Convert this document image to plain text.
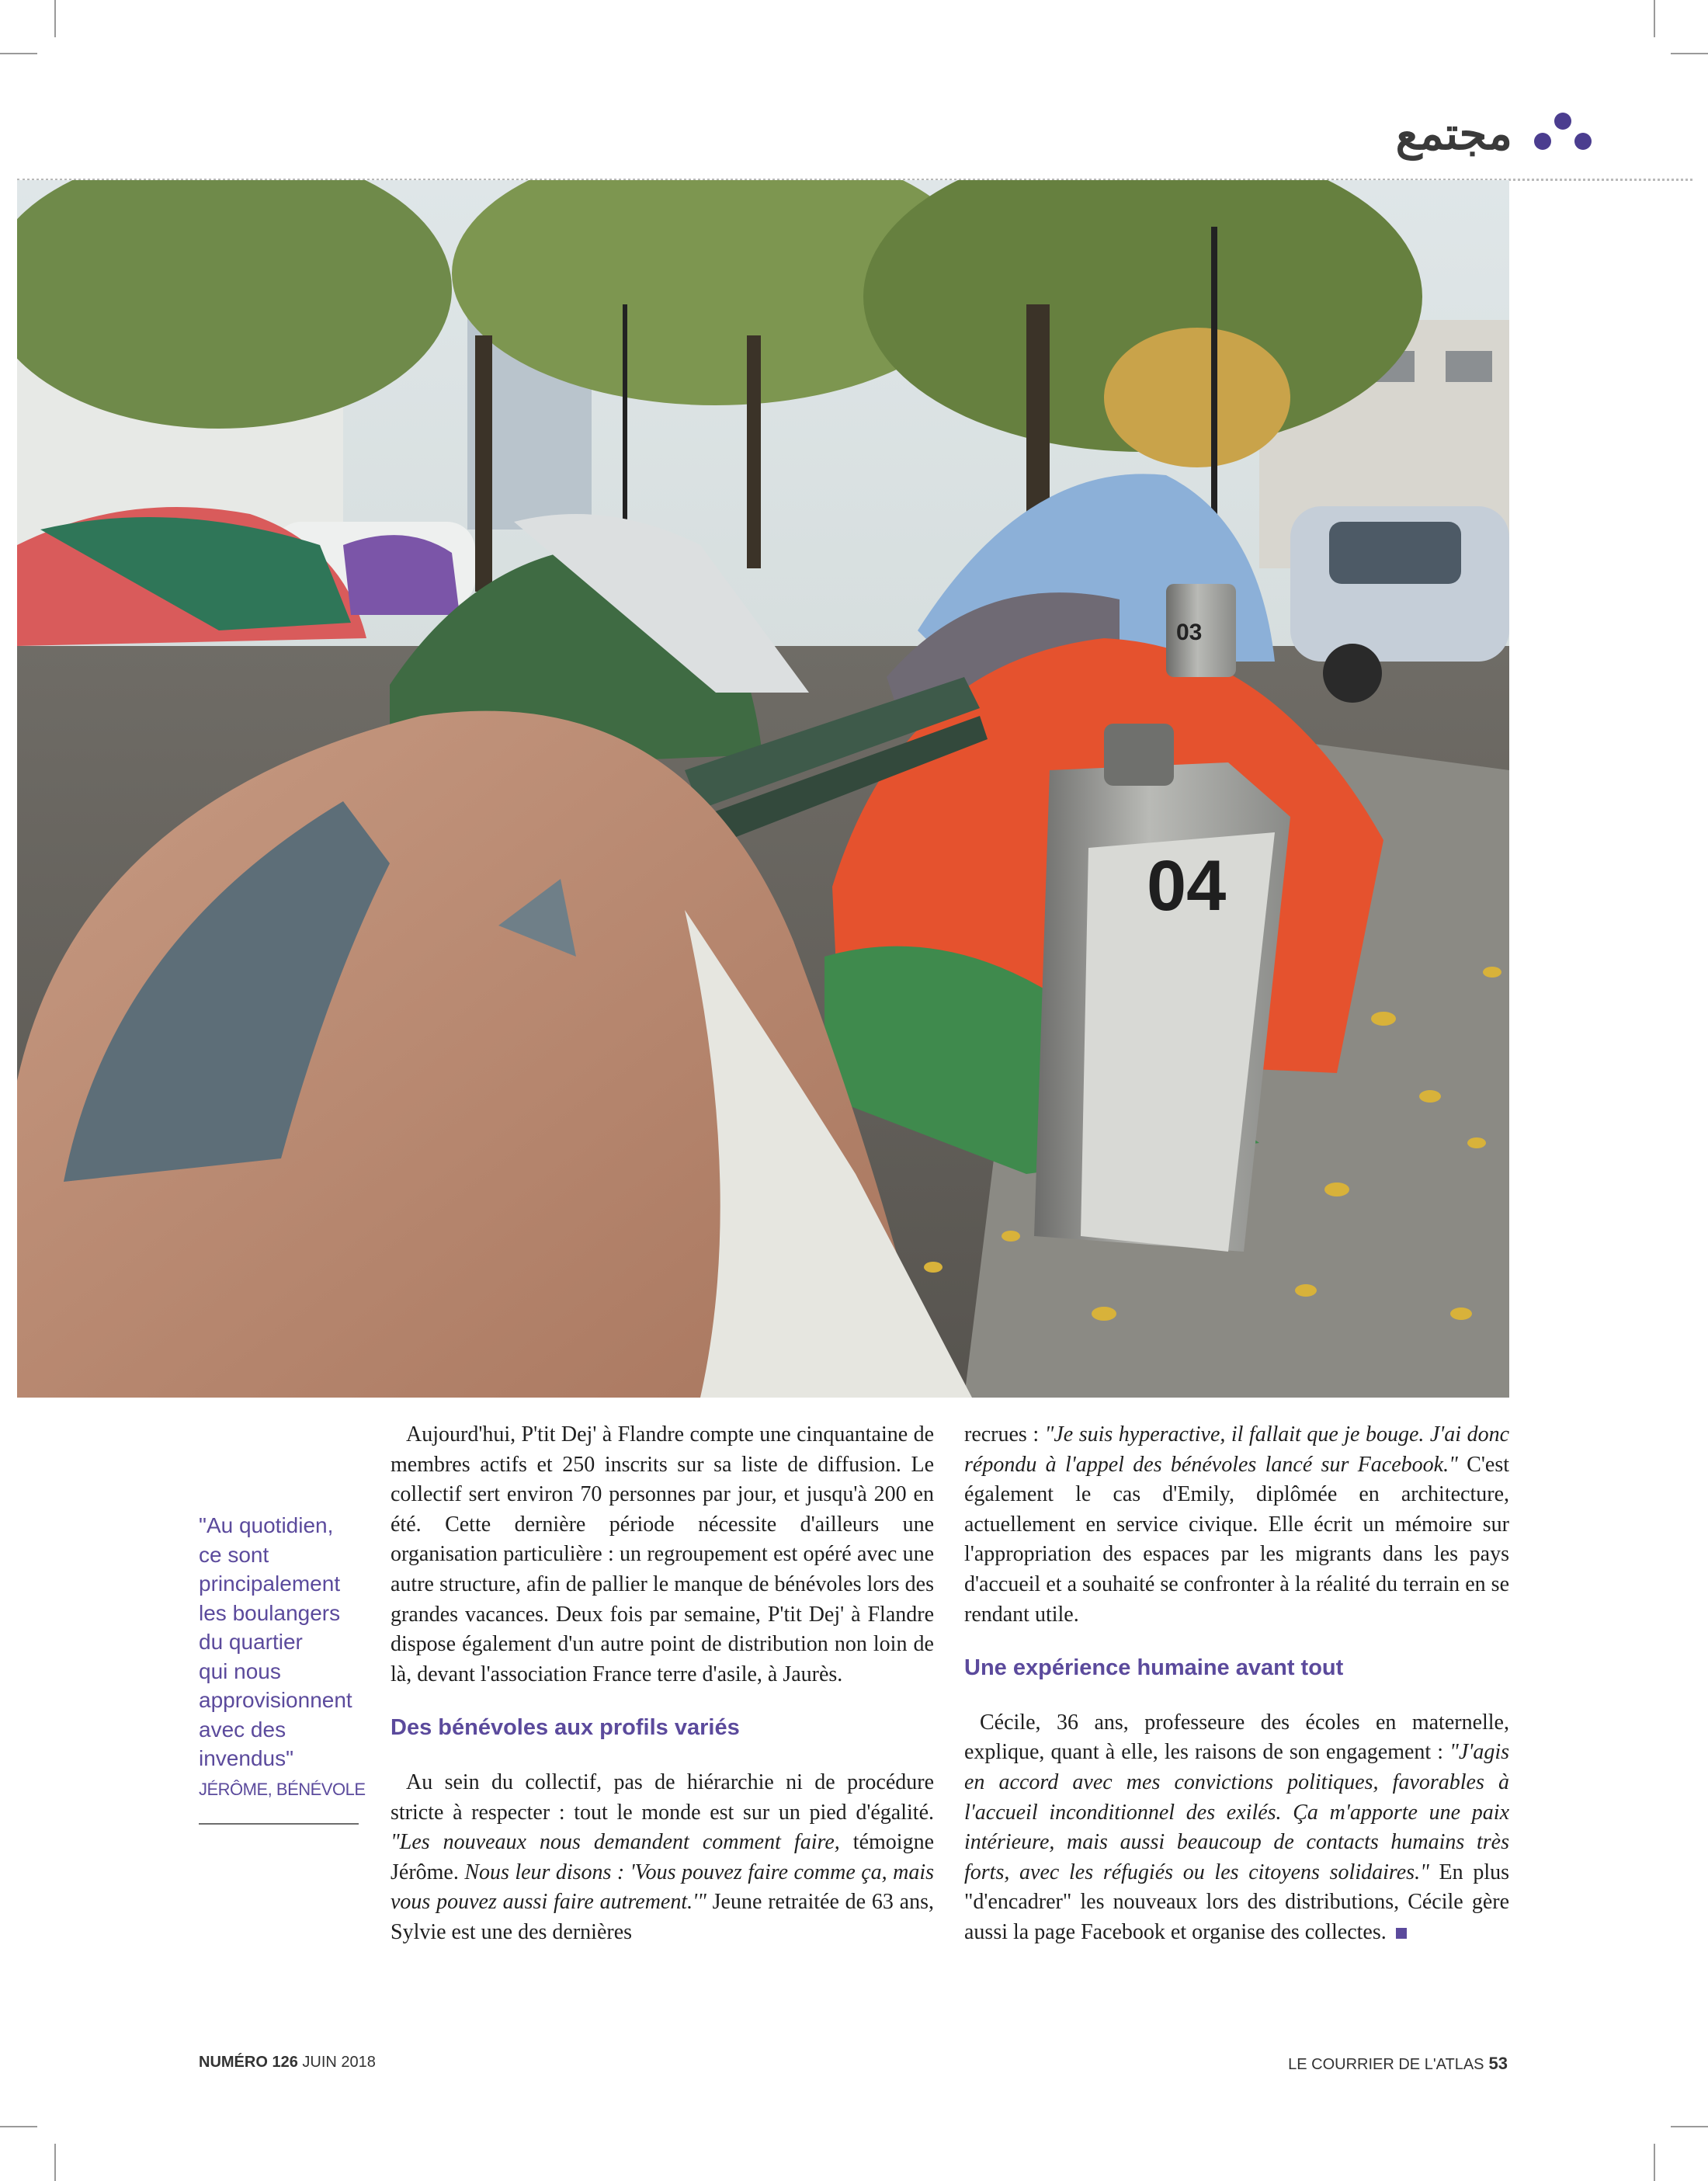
مجتمع
03
04

"Au quotidien,
ce sont
principalement
les boulangers
du quartier
qui nous
approvisionnent
avec des
invendus"

JÉRÔME, BÉNÉVOLE

Aujourd'hui, P'tit Dej' à Flandre compte une cinquantaine de membres actifs et 250 inscrits sur sa liste de diffusion. Le collectif sert environ 70 personnes par jour, et jusqu'à 200 en été. Cette dernière période nécessite d'ailleurs une organisation particulière : un regroupement est opéré avec une autre structure, afin de pallier le manque de bénévoles lors des grandes vacances. Deux fois par semaine, P'tit Dej' à Flandre dispose également d'un autre point de distribution non loin de là, devant l'association France terre d'asile, à Jaurès.

Des bénévoles aux profils variés

Au sein du collectif, pas de hiérarchie ni de procédure stricte à respecter : tout le monde est sur un pied d'égalité. "Les nouveaux nous demandent comment faire, témoigne Jérôme. Nous leur disons : 'Vous pouvez faire comme ça, mais vous pouvez aussi faire autrement.'" Jeune retraitée de 63 ans, Sylvie est une des dernières

recrues : "Je suis hyperactive, il fallait que je bouge. J'ai donc répondu à l'appel des bénévoles lancé sur Facebook." C'est également le cas d'Emily, diplômée en architecture, actuellement en service civique. Elle écrit un mémoire sur l'appropriation des espaces par les migrants dans les pays d'accueil et a souhaité se confronter à la réalité du terrain en se rendant utile.

Une expérience humaine avant tout

Cécile, 36 ans, professeure des écoles en maternelle, explique, quant à elle, les raisons de son engagement : "J'agis en accord avec mes convictions politiques, favorables à l'accueil inconditionnel des exilés. Ça m'apporte une paix intérieure, mais aussi beaucoup de contacts humains très forts, avec les réfugiés ou les citoyens solidaires." En plus "d'encadrer" les nouveaux lors des distributions, Cécile gère aussi la page Facebook et organise des collectes.

NUMÉRO 126 JUIN 2018	LE COURRIER DE L'ATLAS 53
